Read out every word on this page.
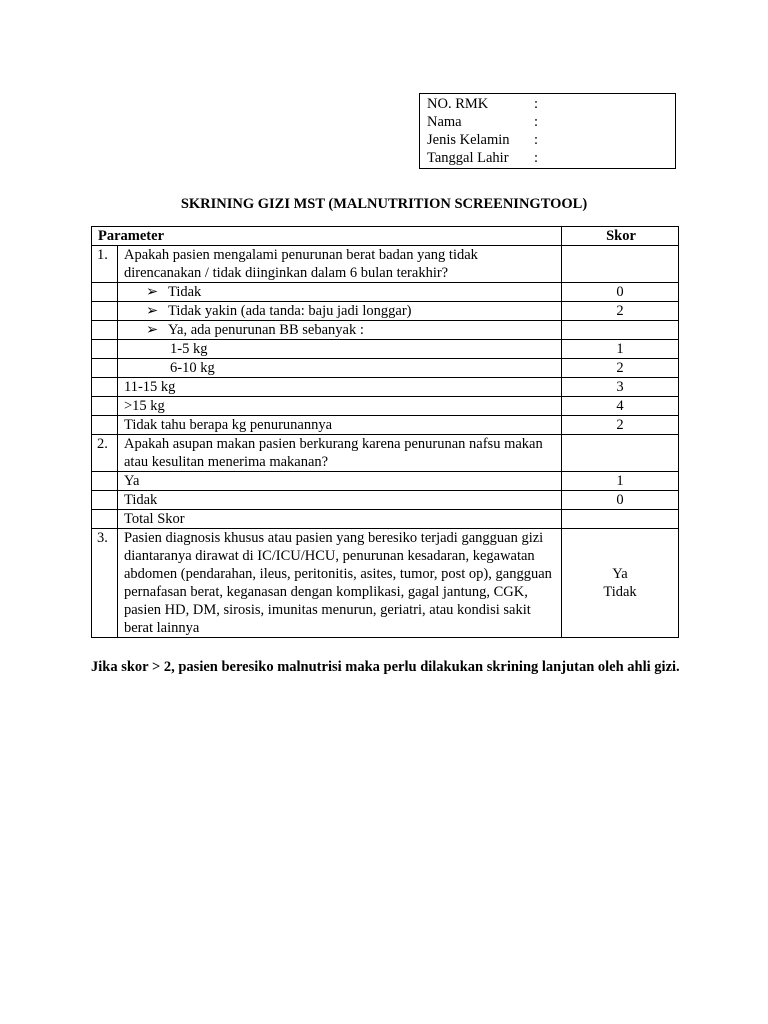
NO. RMK	:
Nama	:
Jenis Kelamin	:
Tanggal Lahir	:
SKRINING GIZI MST (MALNUTRITION SCREENINGTOOL)
Parameter		Skor
1.	Apakah pasien mengalami penurunan berat badan yang tidak direncanakan / tidak diinginkan dalam 6 bulan terakhir?	

	➢ Tidak	0

	➢ Tidak yakin (ada tanda: baju jadi longgar)	2

	➢ Ya, ada penurunan BB sebanyak :	

	1-5 kg	1

	6-10 kg	2
	11-15 kg	3
	>15 kg	4
	Tidak tahu berapa kg penurunannya	2
2.	Apakah asupan makan pasien berkurang karena penurunan nafsu makan atau kesulitan menerima makanan?	
	Ya	1
	Tidak	0
	Total Skor	
3.	Pasien diagnosis khusus atau pasien yang beresiko terjadi gangguan gizi diantaranya dirawat di IC/ICU/HCU, penurunan kesadaran, kegawatan abdomen (pendarahan, ileus, peritonitis, asites, tumor, post op), gangguan pernafasan berat, keganasan dengan komplikasi, gagal jantung, CGK, pasien HD, DM, sirosis, imunitas menurun, geriatri, atau kondisi sakit berat lainnya	Ya
Tidak
Jika skor > 2, pasien beresiko malnutrisi maka perlu dilakukan skrining lanjutan oleh ahli gizi.
